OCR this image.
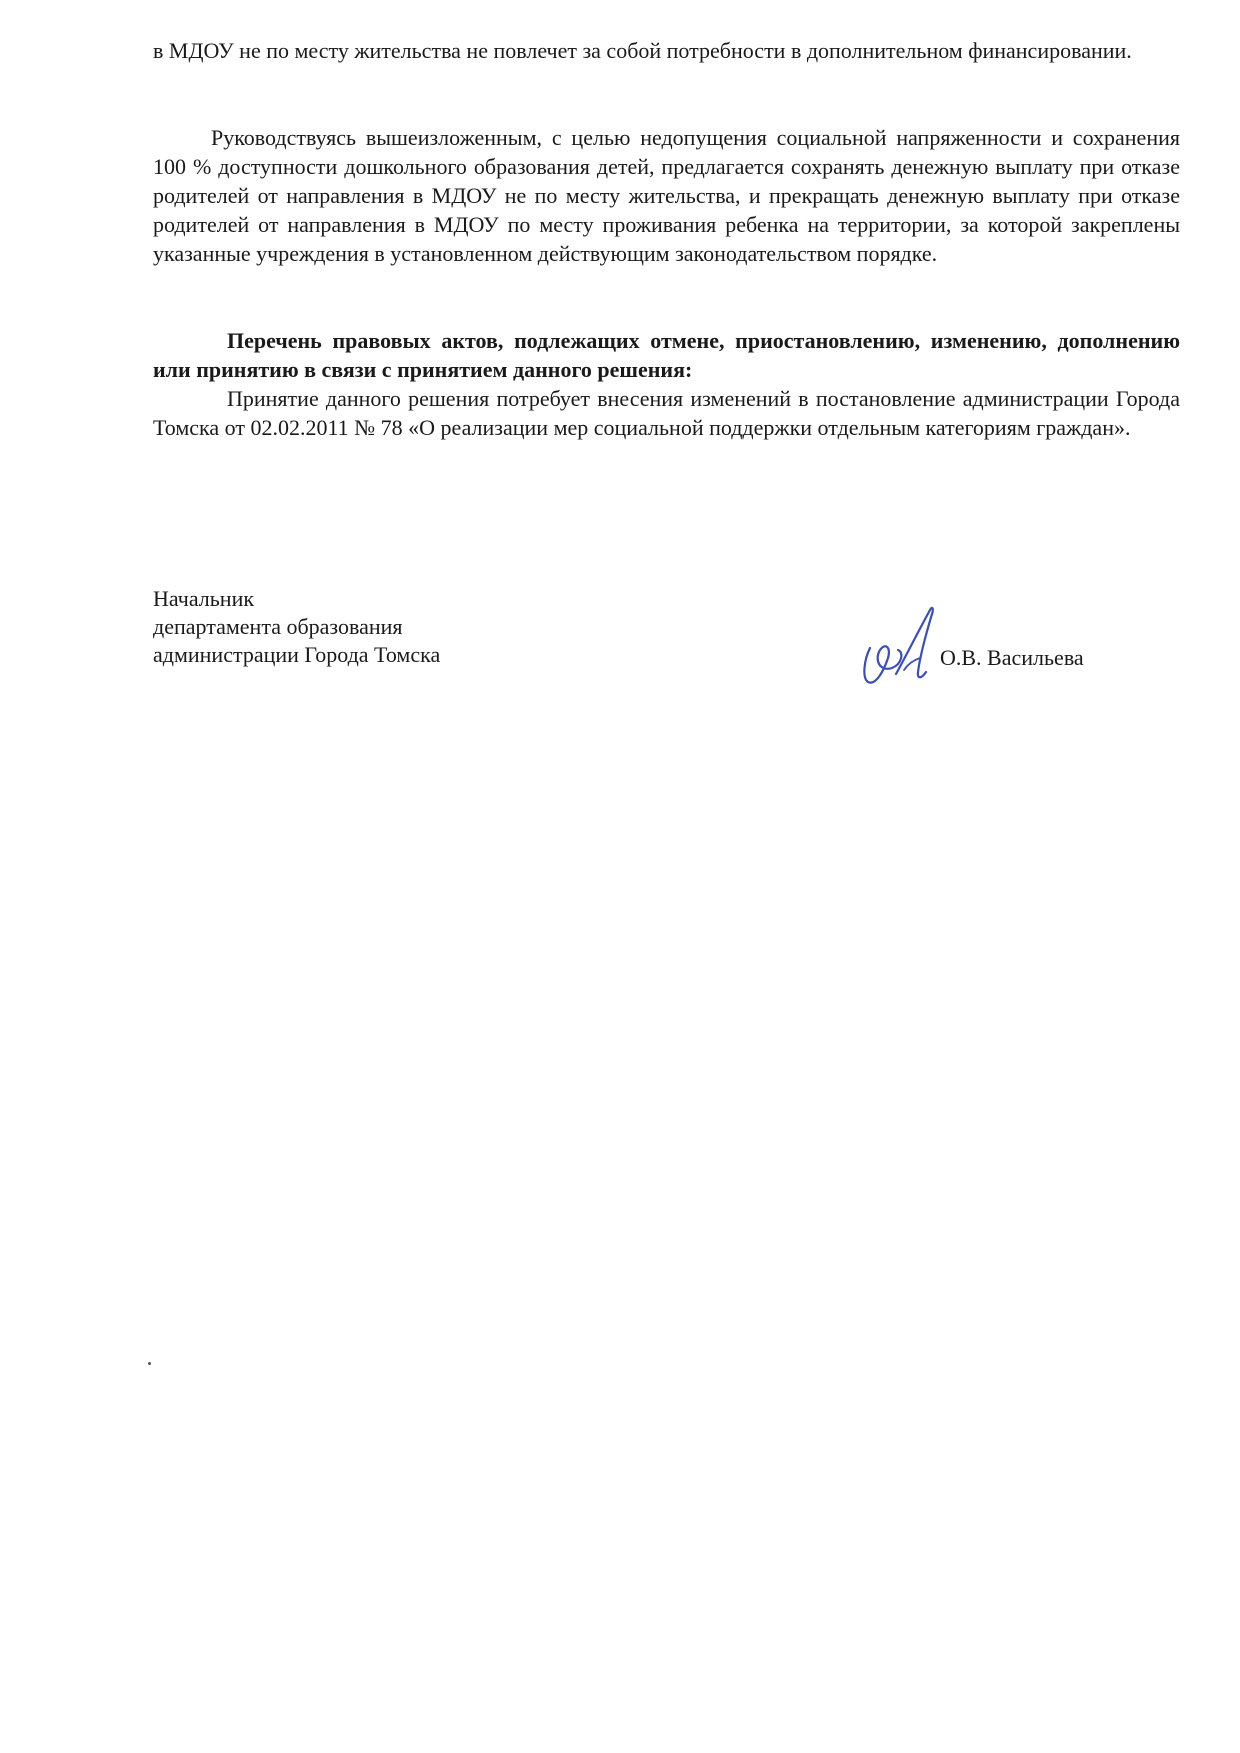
в МДОУ не по месту жительства не повлечет за собой потребности в дополнительном финансировании.

Руководствуясь вышеизложенным, с целью недопущения социальной напряженности и сохранения 100 % доступности дошкольного образования детей, предлагается сохранять денежную выплату при отказе родителей от направления в МДОУ не по месту жительства, и прекращать денежную выплату при отказе родителей от направления в МДОУ по месту проживания ребенка на территории, за которой закреплены указанные учреждения в установленном действующим законодательством порядке.

Перечень правовых актов, подлежащих отмене, приостановлению, изменению, дополнению или принятию в связи с принятием данного решения:

Принятие данного решения потребует внесения изменений в постановление администрации Города Томска от 02.02.2011 № 78 «О реализации мер социальной поддержки отдельным категориям граждан».

Начальник
департамента образования
администрации Города Томска	О.В. Васильева
